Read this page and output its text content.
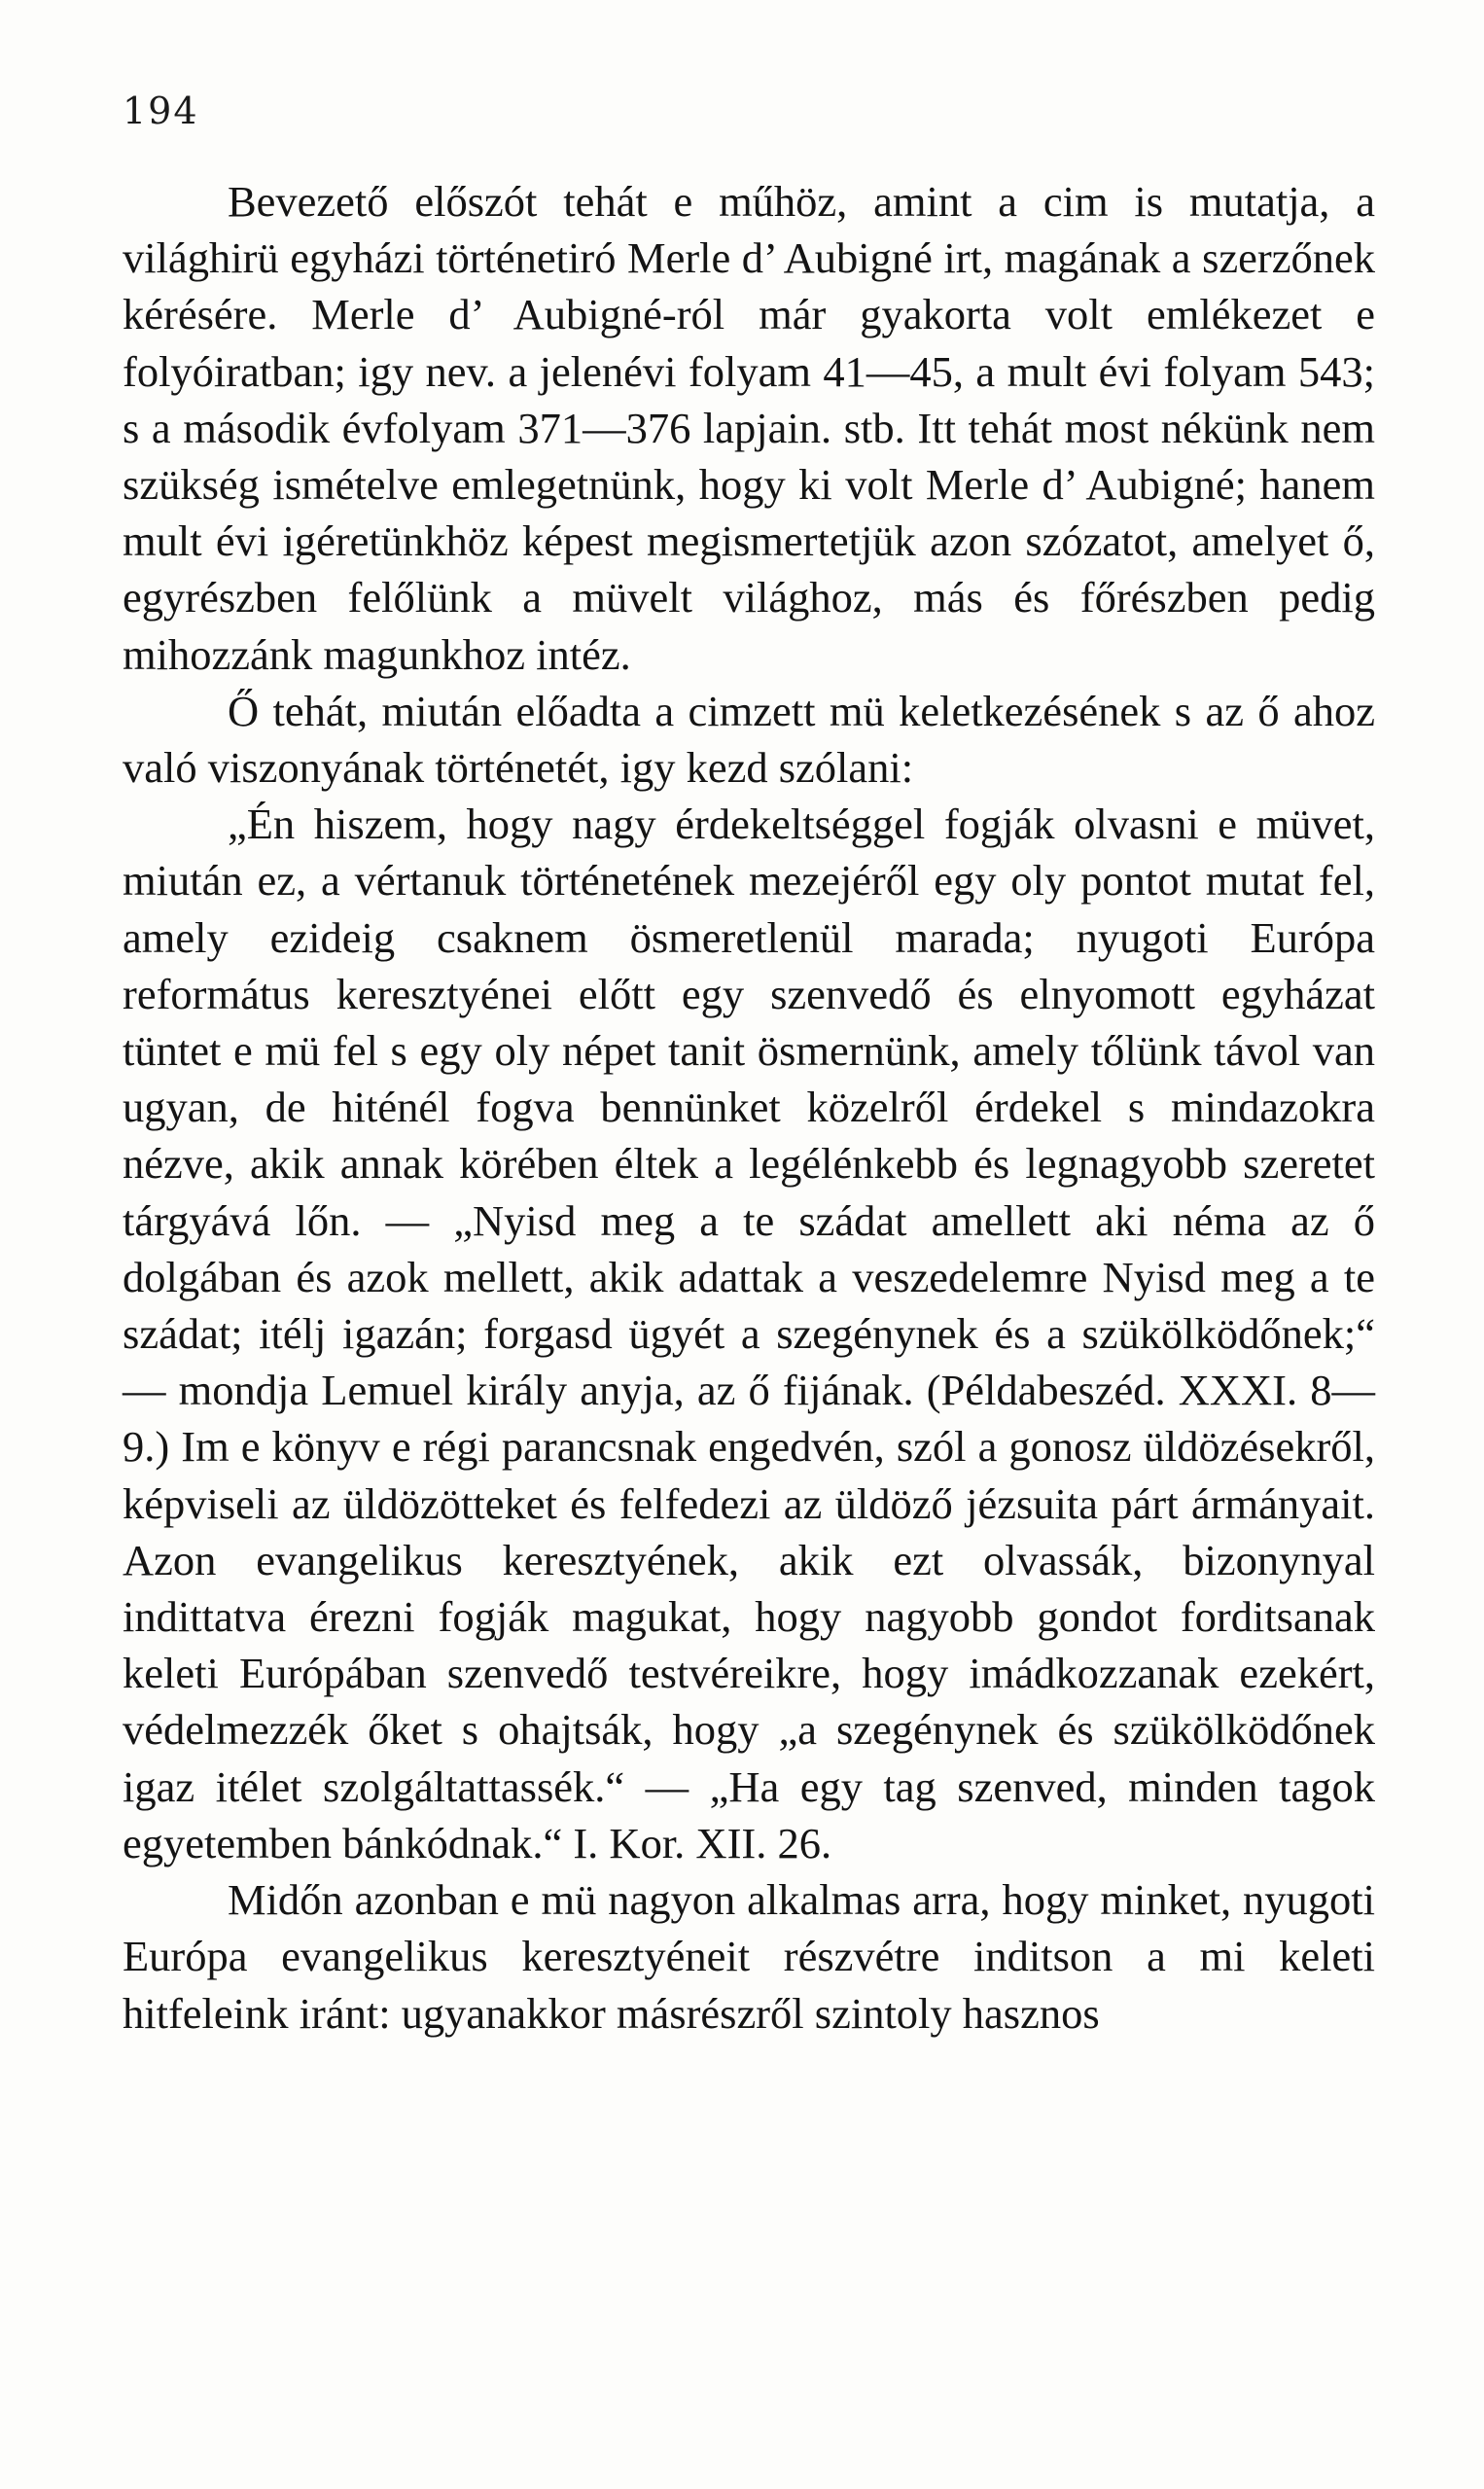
194

Bevezető előszót tehát e műhöz, amint a cim is mutatja, a világhirü egyházi történetiró Merle d’ Aubigné irt, magának a szerzőnek kérésére. Merle d’ Aubigné-ról már gyakorta volt emlékezet e folyóiratban; igy nev. a jelenévi folyam 41—45, a mult évi folyam 543; s a második évfolyam 371—376 lapjain. stb. Itt tehát most nékünk nem szükség ismételve emlegetnünk, hogy ki volt Merle d’ Aubigné; hanem mult évi igéretünkhöz képest megismertetjük azon szózatot, amelyet ő, egyrészben felőlünk a müvelt világhoz, más és főrészben pedig mihozzánk magunkhoz intéz.

Ő tehát, miután előadta a cimzett mü keletkezésének s az ő ahoz való viszonyának történetét, igy kezd szólani:

„Én hiszem, hogy nagy érdekeltséggel fogják olvasni e müvet, miután ez, a vértanuk történetének mezejéről egy oly pontot mutat fel, amely ezideig csaknem ösmeretlenül marada; nyugoti Európa református keresztyénei előtt egy szenvedő és elnyomott egyházat tüntet e mü fel s egy oly népet tanit ösmernünk, amely tőlünk távol van ugyan, de hiténél fogva bennünket közelről érdekel s mindazokra nézve, akik annak körében éltek a legélénkebb és legnagyobb szeretet tárgyává lőn. — „Nyisd meg a te szádat amellett aki néma az ő dolgában és azok mellett, akik adattak a veszedelemre Nyisd meg a te szádat; itélj igazán; forgasd ügyét a szegénynek és a szükölködőnek;“ — mondja Lemuel király anyja, az ő fijának. (Példabeszéd. XXXI. 8—9.) Im e könyv e régi parancsnak engedvén, szól a gonosz üldözésekről, képviseli az üldözötteket és felfedezi az üldöző jézsuita párt ármányait. Azon evangelikus keresztyének, akik ezt olvassák, bizonynyal indittatva érezni fogják magukat, hogy nagyobb gondot forditsanak keleti Európában szenvedő testvéreikre, hogy imádkozzanak ezekért, védelmezzék őket s ohajtsák, hogy „a szegénynek és szükölködőnek igaz itélet szolgáltattassék.“ — „Ha egy tag szenved, minden tagok egyetemben bánkódnak.“ I. Kor. XII. 26.

Midőn azonban e mü nagyon alkalmas arra, hogy minket, nyugoti Európa evangelikus keresztyéneit részvétre inditson a mi keleti hitfeleink iránt: ugyanakkor másrészről szintoly hasznos
